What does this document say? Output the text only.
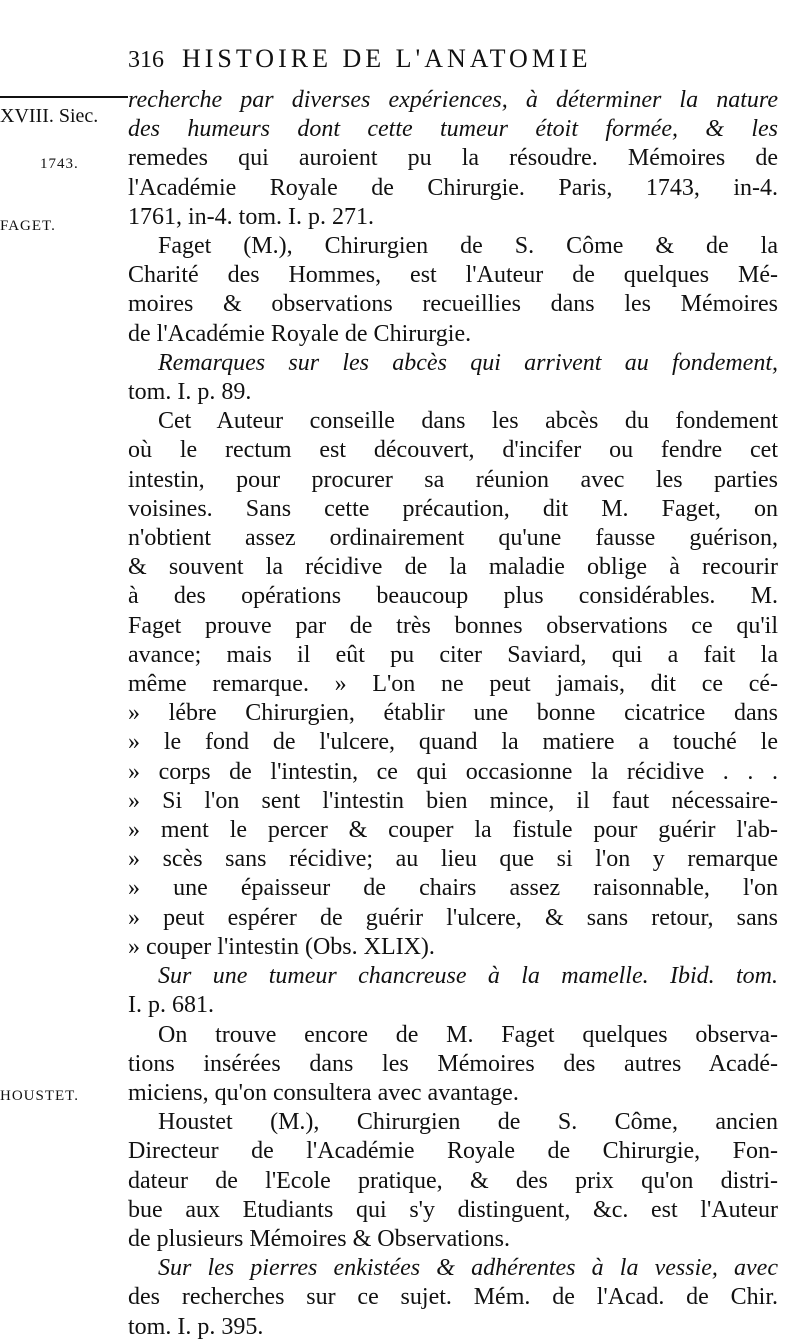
316 HISTOIRE DE L'ANATOMIE
XVIII. Siec.
1743.
FAGET.
HOUSTET.
recherche par diverses expériences, à déterminer la nature
des humeurs dont cette tumeur étoit formée, & les
remedes qui auroient pu la résoudre. Mémoires de
l'Académie Royale de Chirurgie. Paris, 1743, in-4.
1761, in-4. tom. I. p. 271.
Faget (M.), Chirurgien de S. Côme & de la
Charité des Hommes, est l'Auteur de quelques Mé-
moires & observations recueillies dans les Mémoires
de l'Académie Royale de Chirurgie.
Remarques sur les abcès qui arrivent au fondement,
tom. I. p. 89.
Cet Auteur conseille dans les abcès du fondement
où le rectum est découvert, d'incifer ou fendre cet
intestin, pour procurer sa réunion avec les parties
voisines. Sans cette précaution, dit M. Faget, on
n'obtient assez ordinairement qu'une fausse guérison,
& souvent la récidive de la maladie oblige à recourir
à des opérations beaucoup plus considérables. M.
Faget prouve par de très bonnes observations ce qu'il
avance; mais il eût pu citer Saviard, qui a fait la
même remarque. » L'on ne peut jamais, dit ce cé-
» lébre Chirurgien, établir une bonne cicatrice dans
» le fond de l'ulcere, quand la matiere a touché le
» corps de l'intestin, ce qui occasionne la récidive . . .
» Si l'on sent l'intestin bien mince, il faut nécessaire-
» ment le percer & couper la fistule pour guérir l'ab-
» scès sans récidive; au lieu que si l'on y remarque
» une épaisseur de chairs assez raisonnable, l'on
» peut espérer de guérir l'ulcere, & sans retour, sans
» couper l'intestin (Obs. XLIX).
Sur une tumeur chancreuse à la mamelle. Ibid. tom.
I. p. 681.
On trouve encore de M. Faget quelques observa-
tions insérées dans les Mémoires des autres Acadé-
miciens, qu'on consultera avec avantage.
Houstet (M.), Chirurgien de S. Côme, ancien
Directeur de l'Académie Royale de Chirurgie, Fon-
dateur de l'Ecole pratique, & des prix qu'on distri-
bue aux Etudiants qui s'y distinguent, &c. est l'Auteur
de plusieurs Mémoires & Observations.
Sur les pierres enkistées & adhérentes à la vessie, avec
des recherches sur ce sujet. Mém. de l'Acad. de Chir.
tom. I. p. 395.
